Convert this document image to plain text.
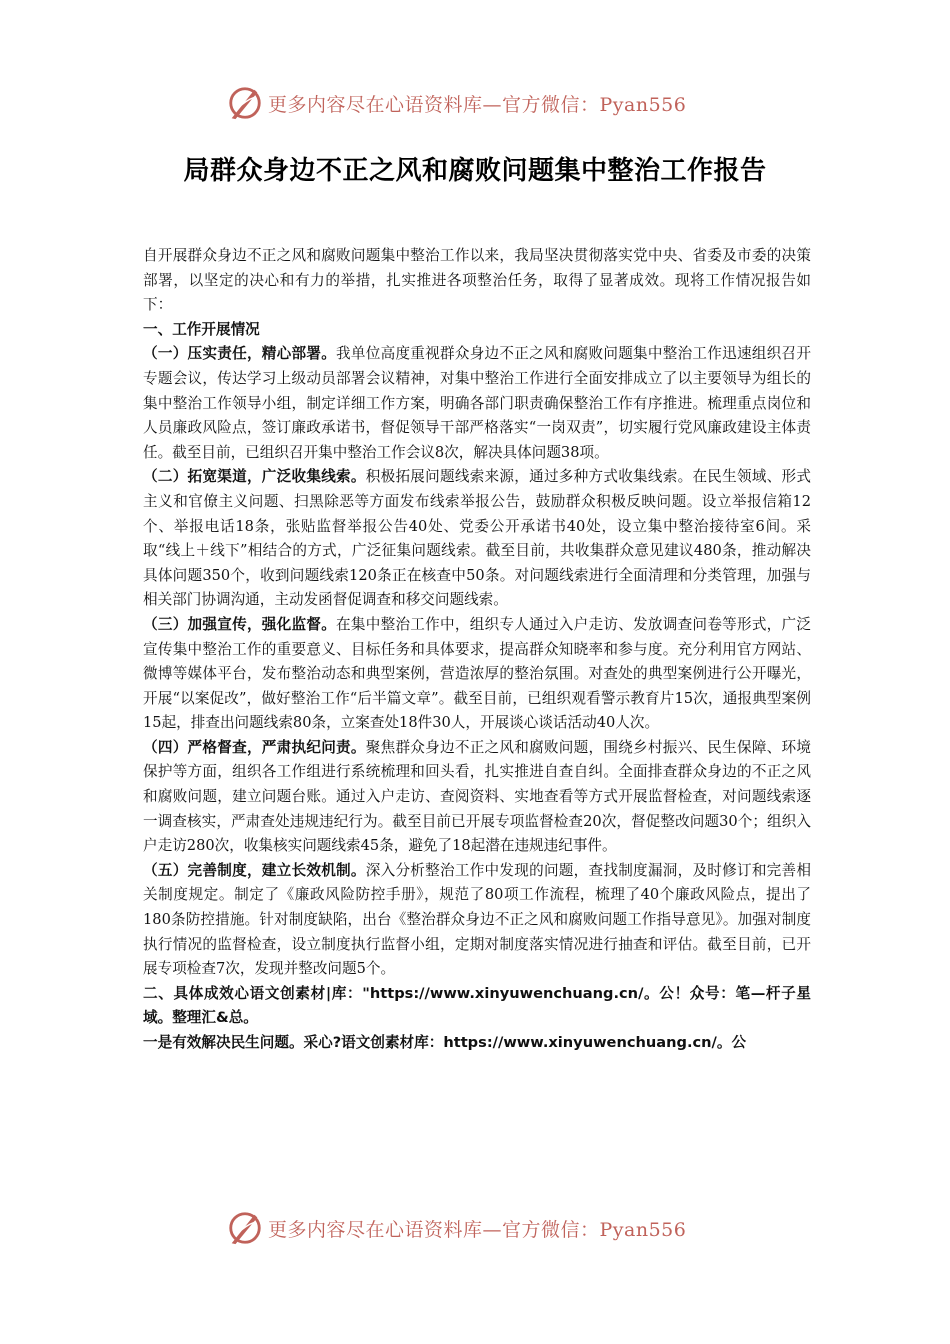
更多内容尽在心语资料库—官方微信：Pyan556
局群众身边不正之风和腐败问题集中整治工作报告

自开展群众身边不正之风和腐败问题集中整治工作以来，我局坚决贯彻落实党中央、省委及市委的决策部署，以坚定的决心和有力的举措，扎实推进各项整治任务，取得了显著成效。现将工作情况报告如下：

一、工作开展情况

（一）压实责任，精心部署。我单位高度重视群众身边不正之风和腐败问题集中整治工作迅速组织召开专题会议，传达学习上级动员部署会议精神，对集中整治工作进行全面安排成立了以主要领导为组长的集中整治工作领导小组，制定详细工作方案，明确各部门职责确保整治工作有序推进。梳理重点岗位和人员廉政风险点，签订廉政承诺书，督促领导干部严格落实“一岗双责”，切实履行党风廉政建设主体责任。截至目前，已组织召开集中整治工作会议8次，解决具体问题38项。

（二）拓宽渠道，广泛收集线索。积极拓展问题线索来源，通过多种方式收集线索。在民生领域、形式主义和官僚主义问题、扫黑除恶等方面发布线索举报公告，鼓励群众积极反映问题。设立举报信箱12个、举报电话18条，张贴监督举报公告40处、党委公开承诺书40处，设立集中整治接待室6间。采取“线上＋线下”相结合的方式，广泛征集问题线索。截至目前，共收集群众意见建议480条，推动解决具体问题350个，收到问题线索120条正在核查中50条。对问题线索进行全面清理和分类管理，加强与相关部门协调沟通，主动发函督促调查和移交问题线索。

（三）加强宣传，强化监督。在集中整治工作中，组织专人通过入户走访、发放调查问卷等形式，广泛宣传集中整治工作的重要意义、目标任务和具体要求，提高群众知晓率和参与度。充分利用官方网站、微博等媒体平台，发布整治动态和典型案例，营造浓厚的整治氛围。对查处的典型案例进行公开曝光，开展“以案促改”，做好整治工作“后半篇文章”。截至目前，已组织观看警示教育片15次，通报典型案例15起，排查出问题线索80条，立案查处18件30人，开展谈心谈话活动40人次。

（四）严格督查，严肃执纪问责。聚焦群众身边不正之风和腐败问题，围绕乡村振兴、民生保障、环境保护等方面，组织各工作组进行系统梳理和回头看，扎实推进自查自纠。全面排查群众身边的不正之风和腐败问题，建立问题台账。通过入户走访、查阅资料、实地查看等方式开展监督检查，对问题线索逐一调查核实，严肃查处违规违纪行为。截至目前已开展专项监督检查20次，督促整改问题30个；组织入户走访280次，收集核实问题线索45条，避免了18起潜在违规违纪事件。

（五）完善制度，建立长效机制。深入分析整治工作中发现的问题，查找制度漏洞，及时修订和完善相关制度规定。制定了《廉政风险防控手册》，规范了80项工作流程，梳理了40个廉政风险点，提出了180条防控措施。针对制度缺陷，出台《整治群众身边不正之风和腐败问题工作指导意见》。加强对制度执行情况的监督检查，设立制度执行监督小组，定期对制度落实情况进行抽查和评估。截至目前，已开展专项检查7次，发现并整改问题5个。

二、具体成效心语文创素材|库："https://www.xinyuwenchuang.cn/。公！众号：笔—杆子星域。整理汇&总。

一是有效解决民生问题。采心?语文创素材库：https://www.xinyuwenchuang.cn/。公

更多内容尽在心语资料库—官方微信：Pyan556
